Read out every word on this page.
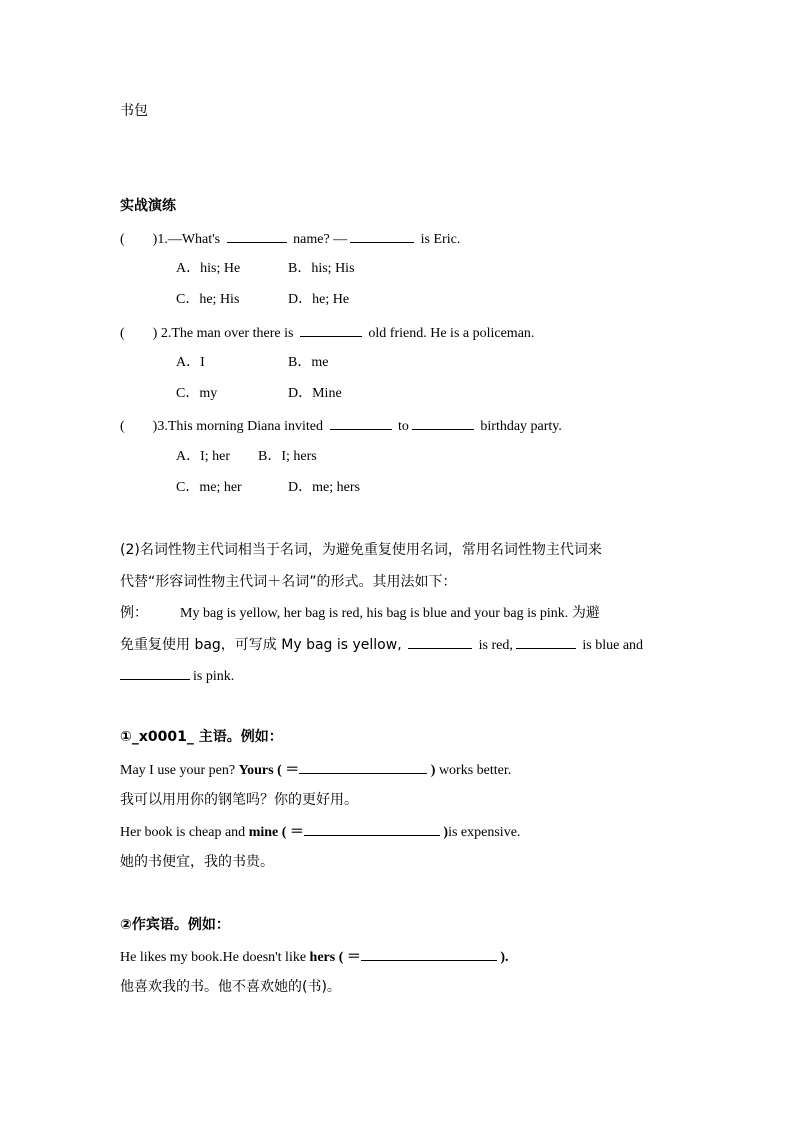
书包
实战演练
( )1.—What's	name? —	is Eric.
A．his; He	B．his; His
C．he; His	D．he; He
( ) 2.The man over there is	old friend. He is a policeman.
A．I	B．me
C．my	D．Mine
( )3.This morning Diana invited	to	birthday party.
A．I; her B．I; hers
C．me; her	D．me; hers
(2)名词性物主代词相当于名词，为避免重复使用名词，常用名词性物主代词来
代替“形容词性物主代词＋名词”的形式。其用法如下：
例： My bag is yellow, her bag is red, his bag is blue and your bag is pink. 为避
免重复使用 bag，可写成 My bag is yellow,	is red,	is blue and
is pink.
①_x0001_ 主语。例如：
May I use your pen? Yours ( ＝	) works better.
我可以用用你的钢笔吗？你的更好用。
Her book is cheap and mine ( ＝	)is expensive.
她的书便宜，我的书贵。
②作宾语。例如：
He likes my book.He doesn't like hers ( ＝	).
他喜欢我的书。他不喜欢她的(书)。
